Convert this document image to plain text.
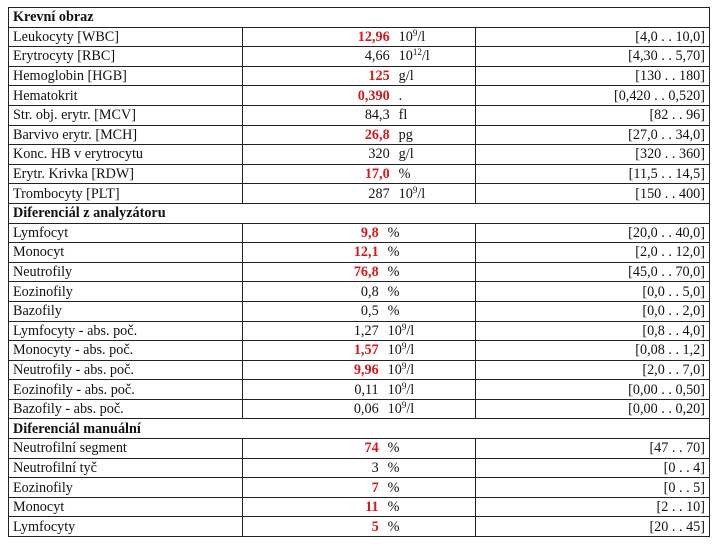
Krevní obraz		
Leukocyty [WBC]	12,96 $10^9/l$	[4,0 . . 10,0]
Erytrocyty [RBC]	4,66 $10^{12}/l$	[4,30 . . 5,70]
Hemoglobin [HGB]	125 g/l	[130 . . 180]
Hematokrit	0,390 .	[0,420 . . 0,520]
Str. obj. erytr. [MCV]	84,3 fl	[82 . . 96]
Barvivo erytr. [MCH]	26,8 pg	[27,0 . . 34,0]
Konc. HB v erytrocytu	320 g/l	[320 . . 360]
Erytr. Krivka [RDW]	17,0 %	[11,5 . . 14,5]
Trombocyty [PLT]	287 $10^9/l$	[150 . . 400]
Diferenciál z analyzátoru		
Lymfocyt	9,8 %	[20,0 . . 40,0]
Monocyt	12,1 %	[2,0 . . 12,0]
Neutrofily	76,8 %	[45,0 . . 70,0]
Eozinofily	0,8 %	[0,0 . . 5,0]
Bazofily	0,5 %	[0,0 . . 2,0]
Lymfocyty - abs. poč.	1,27 $10^9/l$	[0,8 . . 4,0]
Monocyty - abs. poč.	1,57 $10^9/l$	[0,08 . . 1,2]
Neutrofily - abs. poč.	9,96 $10^9/l$	[2,0 . . 7,0]
Eozinofily - abs. poč.	0,11 $10^9/l$	[0,00 . . 0,50]
Bazofily - abs. poč.	0,06 $10^9/l$	[0,00 . . 0,20]
Diferenciál manuální		
Neutrofilní segment	74 %	[47 . . 70]
Neutrofilní tyč	3 %	[0 . . 4]
Eozinofily	7 %	[0 . . 5]
Monocyt	11 %	[2 . . 10]
Lymfocyty	5 %	[20 . . 45]
